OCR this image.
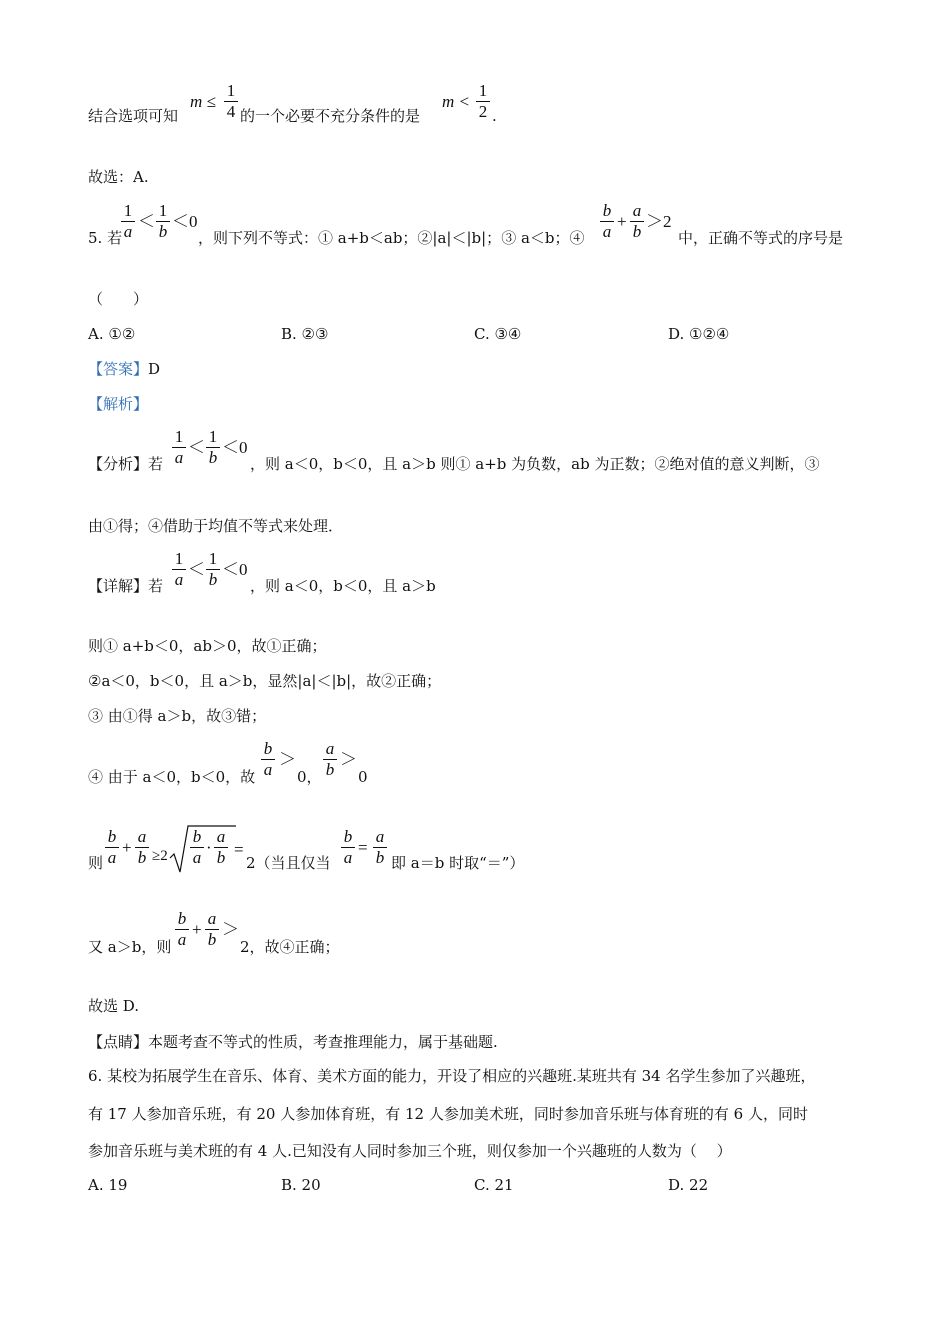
结合选项可知
m ≤
1
4 的一个必要不充分条件的是
m <
1
2 .
故选：A.
5. 若
1
a
＜
1
b
＜0
，则下列不等式：① a+b＜ab；②|a|＜|b|；③ a＜b；④
b
a
+
a
b
＞2
中，正确不等式的序号是
（　　）
A. ①②	B. ②③	C. ③④	D. ①②④
【答案】D
【解析】
【分析】若
1
a
＜
1
b
＜0
，则 a＜0，b＜0，且 a＞b 则① a+b 为负数，ab 为正数；②绝对值的意义判断，③
由①得；④借助于均值不等式来处理．
【详解】若
1
a
＜
1
b
＜0
，则 a＜0，b＜0，且 a＞b
则① a+b＜0，ab＞0，故①正确；
②a＜0，b＜0，且 a＞b，显然|a|＜|b|，故②正确；
③ 由①得 a＞b，故③错；
④ 由于 a＜0，b＜0，故
b
a
＞
0，
a
b
＞
0
则
b
a
+
a
b ≥2
b
a
·
a
b =
2（当且仅当
b
a
=
a
b 即 a＝b 时取“＝”）
又 a＞b，则
b
a
+
a
b
＞
2，故④正确；
故选 D.
【点睛】本题考查不等式的性质，考查推理能力，属于基础题.
6. 某校为拓展学生在音乐、体育、美术方面的能力，开设了相应的兴趣班.某班共有 34 名学生参加了兴趣班，
有 17 人参加音乐班，有 20 人参加体育班，有 12 人参加美术班，同时参加音乐班与体育班的有 6 人，同时
参加音乐班与美术班的有 4 人.已知没有人同时参加三个班，则仅参加一个兴趣班的人数为（　 ）
A. 19	B. 20	C. 21	D. 22
